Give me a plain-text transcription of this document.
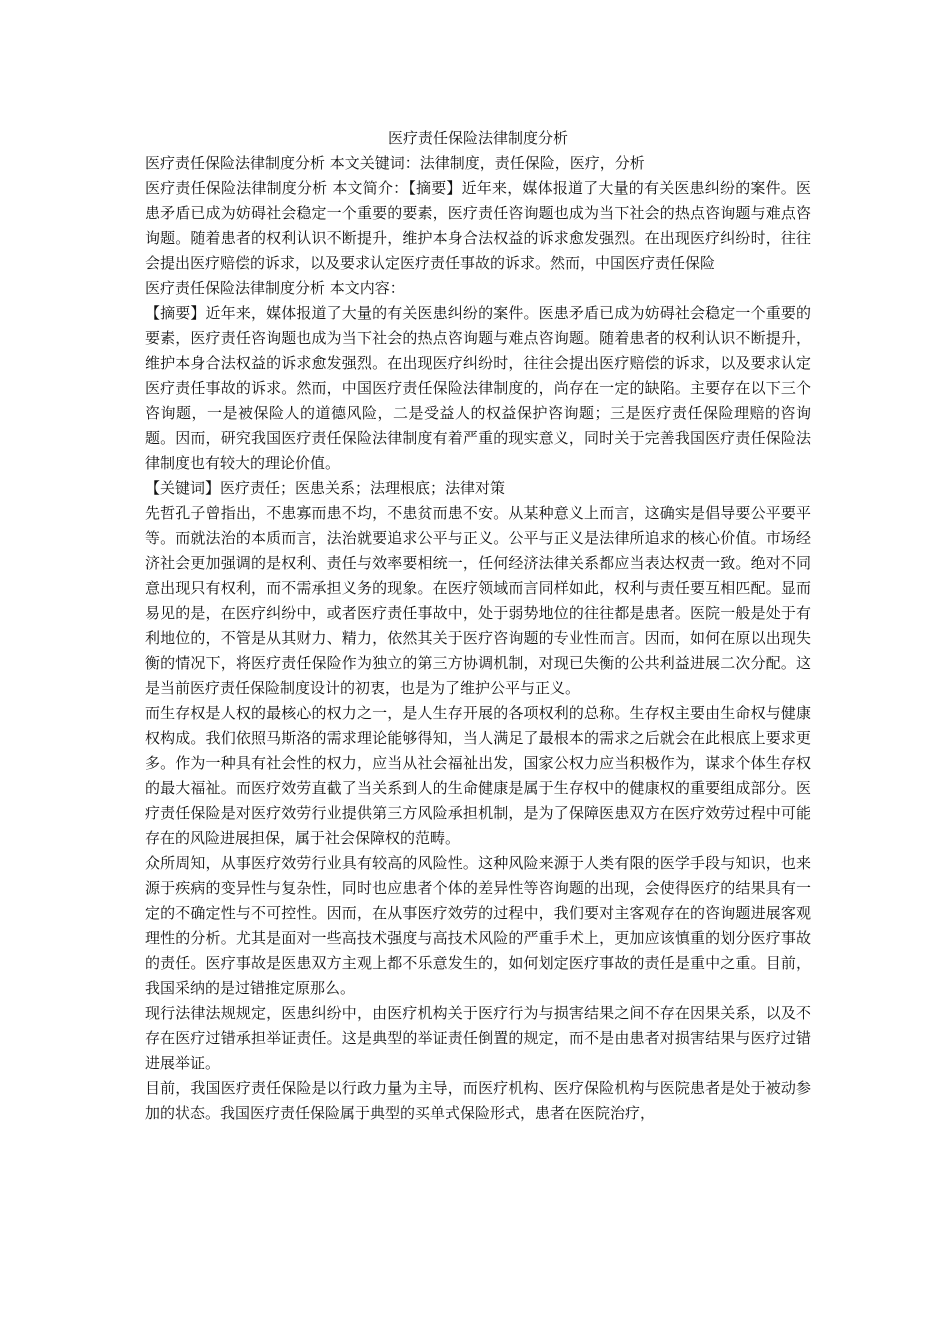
医疗责任保险法律制度分析

医疗责任保险法律制度分析 本文关键词：法律制度，责任保险，医疗，分析

医疗责任保险法律制度分析 本文简介：【摘要】近年来，媒体报道了大量的有关医患纠纷的案件。医患矛盾已成为妨碍社会稳定一个重要的要素，医疗责任咨询题也成为当下社会的热点咨询题与难点咨询题。随着患者的权利认识不断提升，维护本身合法权益的诉求愈发强烈。在出现医疗纠纷时，往往会提出医疗赔偿的诉求，以及要求认定医疗责任事故的诉求。然而，中国医疗责任保险

医疗责任保险法律制度分析 本文内容：

【摘要】近年来，媒体报道了大量的有关医患纠纷的案件。医患矛盾已成为妨碍社会稳定一个重要的要素，医疗责任咨询题也成为当下社会的热点咨询题与难点咨询题。随着患者的权利认识不断提升，维护本身合法权益的诉求愈发强烈。在出现医疗纠纷时，往往会提出医疗赔偿的诉求，以及要求认定医疗责任事故的诉求。然而，中国医疗责任保险法律制度的，尚存在一定的缺陷。主要存在以下三个咨询题，一是被保险人的道德风险，二是受益人的权益保护咨询题；三是医疗责任保险理赔的咨询题。因而，研究我国医疗责任保险法律制度有着严重的现实意义，同时关于完善我国医疗责任保险法律制度也有较大的理论价值。

【关键词】医疗责任；医患关系；法理根底；法律对策

先哲孔子曾指出，不患寡而患不均，不患贫而患不安。从某种意义上而言，这确实是倡导要公平要平等。而就法治的本质而言，法治就要追求公平与正义。公平与正义是法律所追求的核心价值。市场经济社会更加强调的是权利、责任与效率要相统一，任何经济法律关系都应当表达权责一致。绝对不同意出现只有权利，而不需承担义务的现象。在医疗领域而言同样如此，权利与责任要互相匹配。显而易见的是，在医疗纠纷中，或者医疗责任事故中，处于弱势地位的往往都是患者。医院一般是处于有利地位的，不管是从其财力、精力，依然其关于医疗咨询题的专业性而言。因而，如何在原以出现失衡的情况下，将医疗责任保险作为独立的第三方协调机制，对现已失衡的公共利益进展二次分配。这是当前医疗责任保险制度设计的初衷，也是为了维护公平与正义。

而生存权是人权的最核心的权力之一，是人生存开展的各项权利的总称。生存权主要由生命权与健康权构成。我们依照马斯洛的需求理论能够得知，当人满足了最根本的需求之后就会在此根底上要求更多。作为一种具有社会性的权力，应当从社会福祉出发，国家公权力应当积极作为，谋求个体生存权的最大福祉。而医疗效劳直截了当关系到人的生命健康是属于生存权中的健康权的重要组成部分。医疗责任保险是对医疗效劳行业提供第三方风险承担机制，是为了保障医患双方在医疗效劳过程中可能存在的风险进展担保，属于社会保障权的范畴。

众所周知，从事医疗效劳行业具有较高的风险性。这种风险来源于人类有限的医学手段与知识，也来源于疾病的变异性与复杂性，同时也应患者个体的差异性等咨询题的出现，会使得医疗的结果具有一定的不确定性与不可控性。因而，在从事医疗效劳的过程中，我们要对主客观存在的咨询题进展客观理性的分析。尤其是面对一些高技术强度与高技术风险的严重手术上，更加应该慎重的划分医疗事故的责任。医疗事故是医患双方主观上都不乐意发生的，如何划定医疗事故的责任是重中之重。目前，我国采纳的是过错推定原那么。

现行法律法规规定，医患纠纷中，由医疗机构关于医疗行为与损害结果之间不存在因果关系，以及不存在医疗过错承担举证责任。这是典型的举证责任倒置的规定，而不是由患者对损害结果与医疗过错进展举证。

目前，我国医疗责任保险是以行政力量为主导，而医疗机构、医疗保险机构与医院患者是处于被动参加的状态。我国医疗责任保险属于典型的买单式保险形式，患者在医院治疗，
